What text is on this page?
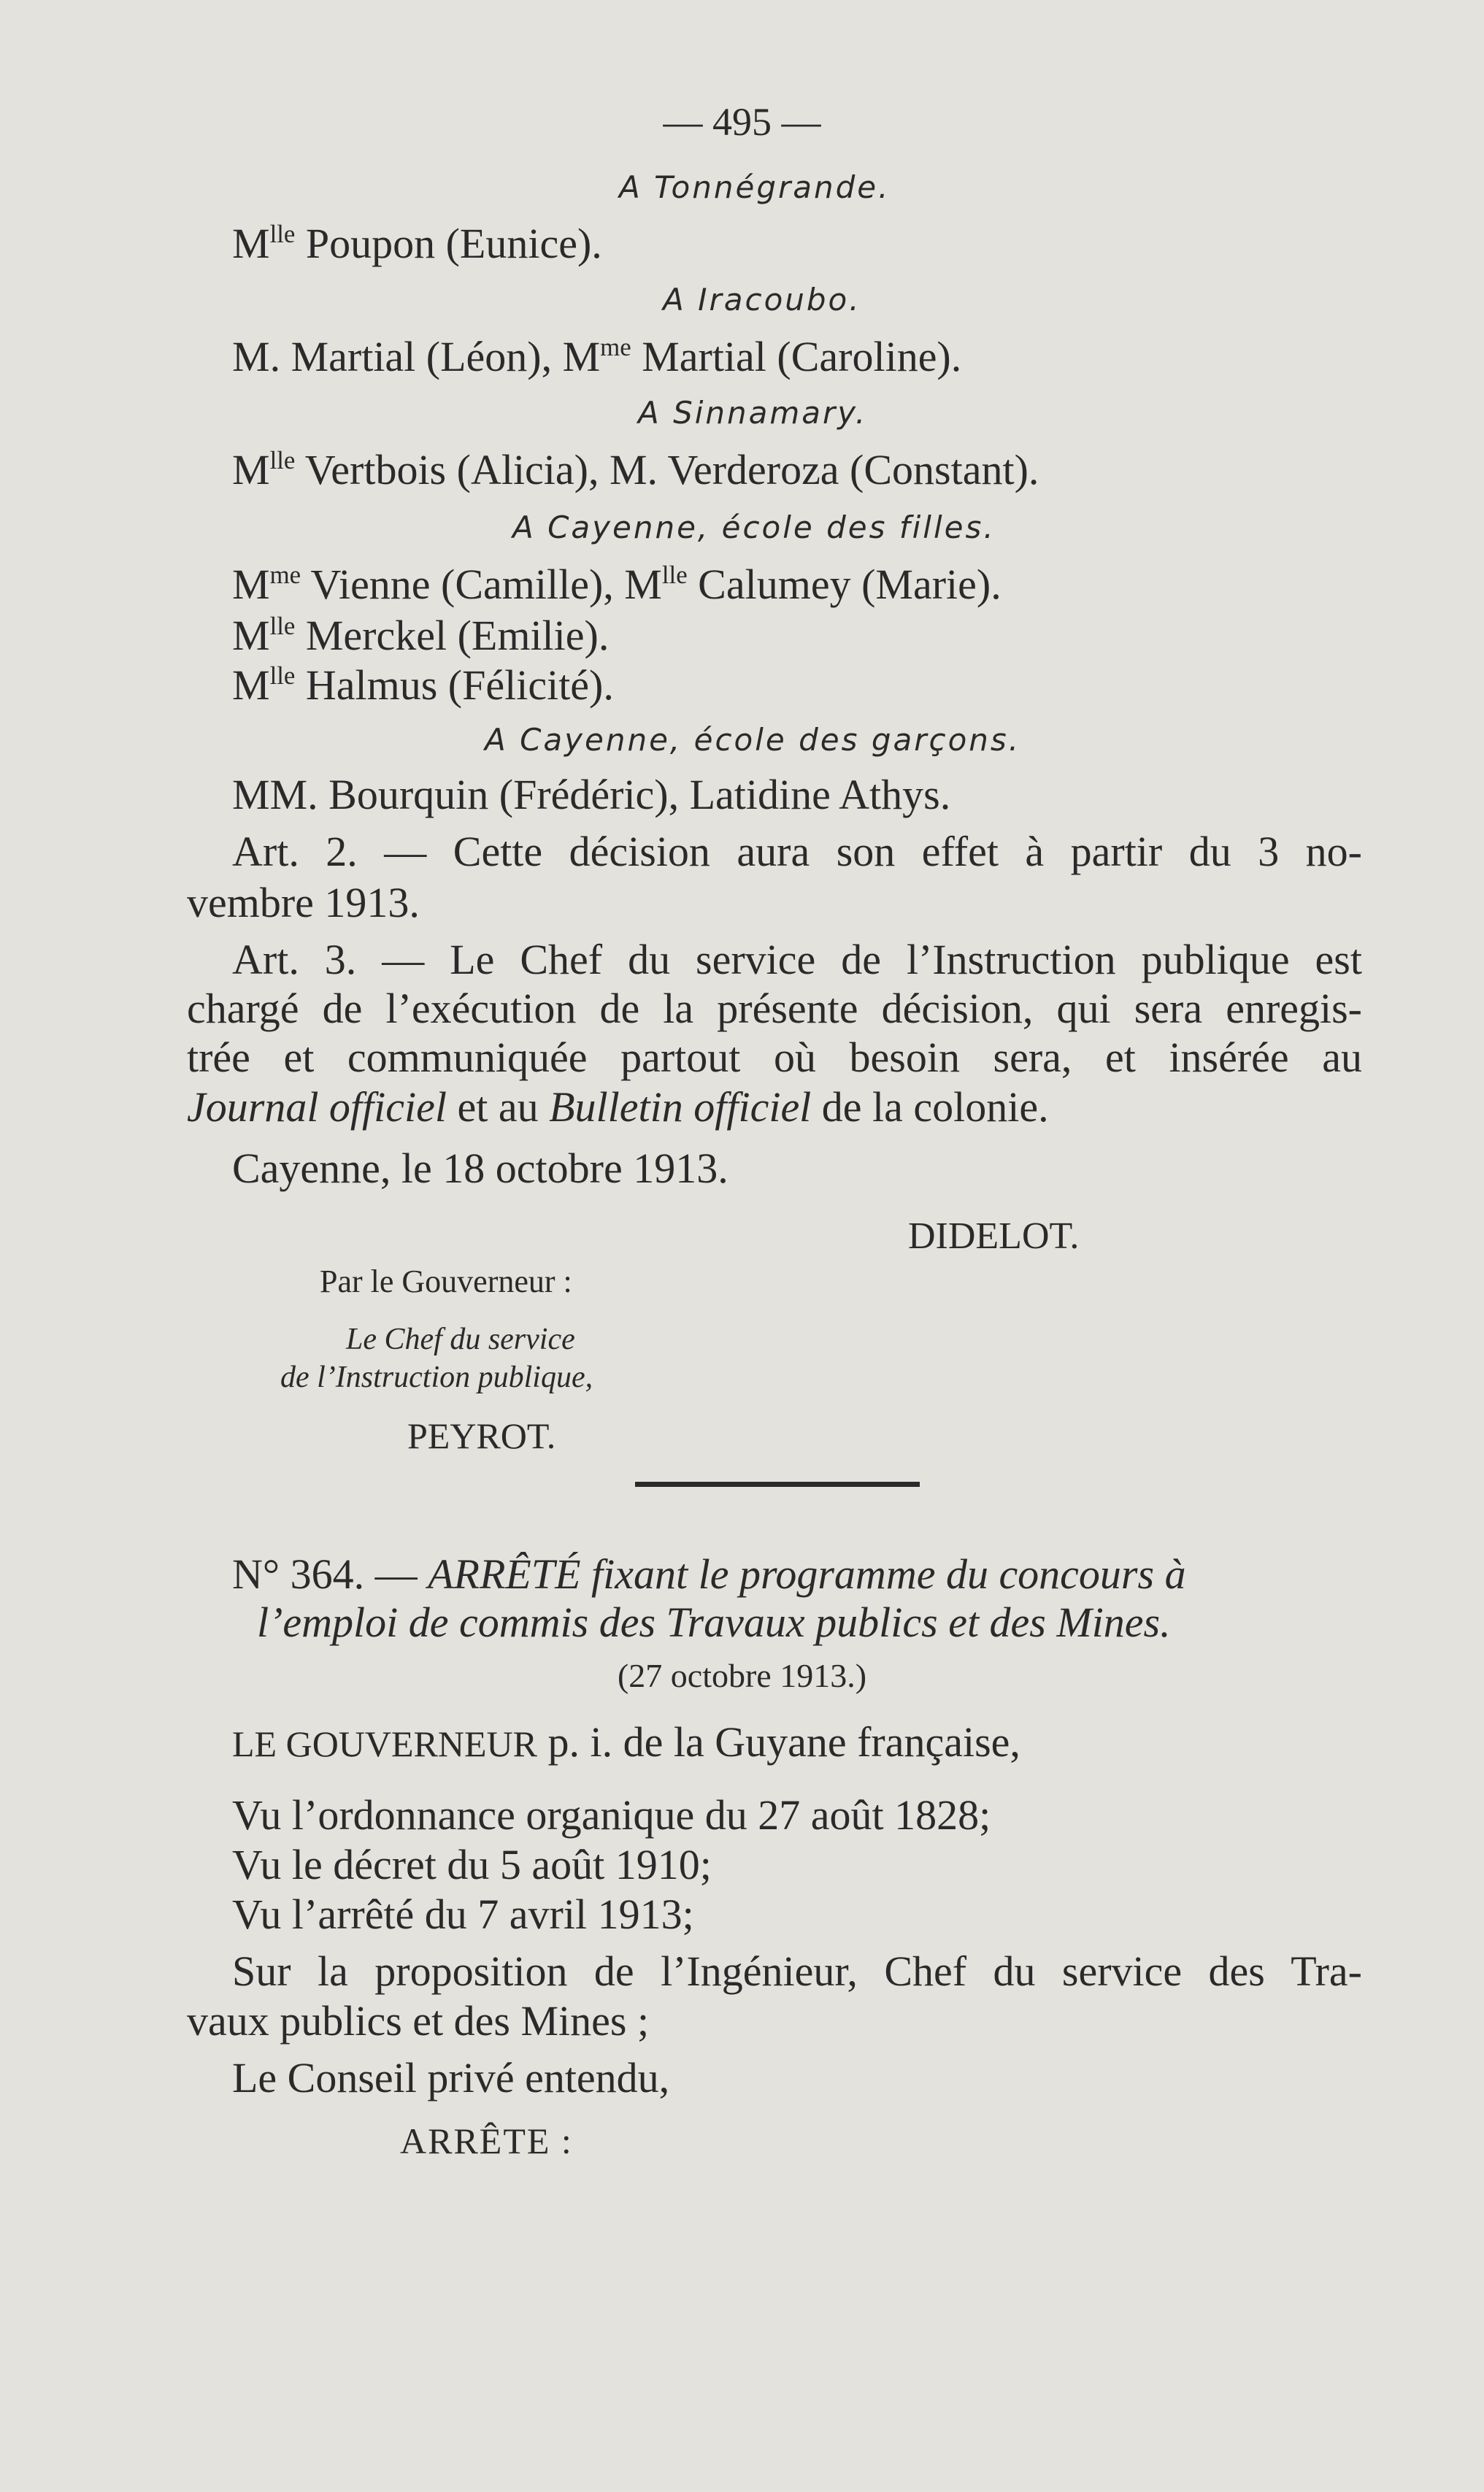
— 495 —
A Tonnégrande.
$M^{lle}$ Poupon (Eunice).
A Iracoubo.
M. Martial (Léon), $M^{me}$ Martial (Caroline).
A Sinnamary.
$M^{lle}$ Vertbois (Alicia), M. Verderoza (Constant).
A Cayenne, école des filles.
$M^{me}$ Vienne (Camille), $M^{lle}$ Calumey (Marie).
$M^{lle}$ Merckel (Emilie).
$M^{lle}$ Halmus (Félicité).
A Cayenne, école des garçons.
MM. Bourquin (Frédéric), Latidine Athys.
Art. 2. — Cette décision aura son effet à partir du 3 no-
vembre 1913.
Art. 3. — Le Chef du service de l’Instruction publique est
chargé de l’exécution de la présente décision, qui sera enregis-
trée et communiquée partout où besoin sera, et insérée au
Journal officiel et au Bulletin officiel de la colonie.
Cayenne, le 18 octobre 1913.
DIDELOT.
Par le Gouverneur :
Le Chef du service
de l’Instruction publique,
PEYROT.
N° 364. — ARRÊTÉ fixant le programme du concours à
l’emploi de commis des Travaux publics et des Mines.
(27 octobre 1913.)
LE GOUVERNEUR p. i. de la Guyane française,
Vu l’ordonnance organique du 27 août 1828;
Vu le décret du 5 août 1910;
Vu l’arrêté du 7 avril 1913;
Sur la proposition de l’Ingénieur, Chef du service des Tra-
vaux publics et des Mines ;
Le Conseil privé entendu,
ARRÊTE :
